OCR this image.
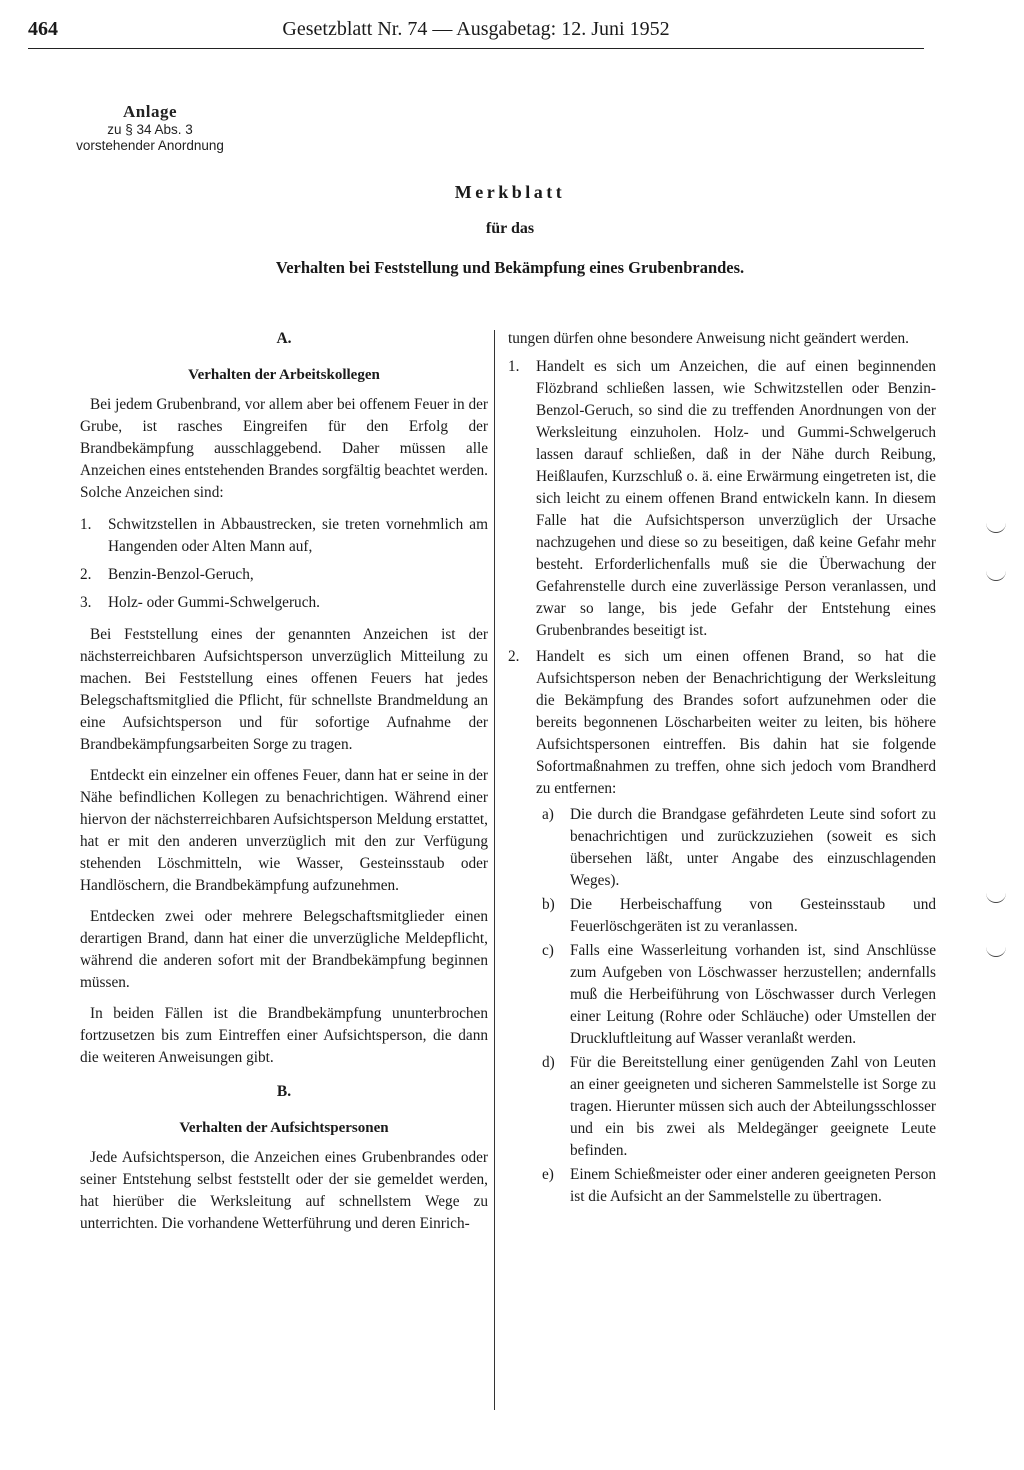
464	Gesetzblatt Nr. 74 — Ausgabetag: 12. Juni 1952
Anlage
zu § 34 Abs. 3
vorstehender Anordnung
Merkblatt
für das
Verhalten bei Feststellung und Bekämpfung eines Grubenbrandes.

A.

Verhalten der Arbeitskollegen

Bei jedem Grubenbrand, vor allem aber bei offenem Feuer in der Grube, ist rasches Eingreifen für den Erfolg der Brandbekämpfung ausschlaggebend. Daher müssen alle Anzeichen eines entstehenden Brandes sorgfältig beachtet werden. Solche Anzeichen sind:

1.	Schwitzstellen in Abbaustrecken, sie treten vornehmlich am Hangenden oder Alten Mann auf,
2.	Benzin-Benzol-Geruch,
3.	Holz- oder Gummi-Schwelgeruch.

Bei Feststellung eines der genannten Anzeichen ist der nächsterreichbaren Aufsichtsperson unverzüglich Mitteilung zu machen. Bei Feststellung eines offenen Feuers hat jedes Belegschaftsmitglied die Pflicht, für schnellste Brandmeldung an eine Aufsichtsperson und für sofortige Aufnahme der Brandbekämpfungsarbeiten Sorge zu tragen.

Entdeckt ein einzelner ein offenes Feuer, dann hat er seine in der Nähe befindlichen Kollegen zu benachrichtigen. Während einer hiervon der nächsterreichbaren Aufsichtsperson Meldung erstattet, hat er mit den anderen unverzüglich mit den zur Verfügung stehenden Löschmitteln, wie Wasser, Gesteinsstaub oder Handlöschern, die Brandbekämpfung aufzunehmen.

Entdecken zwei oder mehrere Belegschaftsmitglieder einen derartigen Brand, dann hat einer die unverzügliche Meldepflicht, während die anderen sofort mit der Brandbekämpfung beginnen müssen.

In beiden Fällen ist die Brandbekämpfung ununterbrochen fortzusetzen bis zum Eintreffen einer Aufsichtsperson, die dann die weiteren Anweisungen gibt.

B.

Verhalten der Aufsichtspersonen

Jede Aufsichtsperson, die Anzeichen eines Grubenbrandes oder seiner Entstehung selbst feststellt oder der sie gemeldet werden, hat hierüber die Werksleitung auf schnellstem Wege zu unterrichten. Die vorhandene Wetterführung und deren Einrich-

tungen dürfen ohne besondere Anweisung nicht geändert werden.

1.	Handelt es sich um Anzeichen, die auf einen beginnenden Flözbrand schließen lassen, wie Schwitzstellen oder Benzin-Benzol-Geruch, so sind die zu treffenden Anordnungen von der Werksleitung einzuholen. Holz- und Gummi-Schwelgeruch lassen darauf schließen, daß in der Nähe durch Reibung, Heißlaufen, Kurzschluß o. ä. eine Erwärmung eingetreten ist, die sich leicht zu einem offenen Brand entwickeln kann. In diesem Falle hat die Aufsichtsperson unverzüglich der Ursache nachzugehen und diese so zu beseitigen, daß keine Gefahr mehr besteht. Erforderlichenfalls muß sie die Überwachung der Gefahrenstelle durch eine zuverlässige Person veranlassen, und zwar so lange, bis jede Gefahr der Entstehung eines Grubenbrandes beseitigt ist.
2.	Handelt es sich um einen offenen Brand, so hat die Aufsichtsperson neben der Benachrichtigung der Werksleitung die Bekämpfung des Brandes sofort aufzunehmen oder die bereits begonnenen Löscharbeiten weiter zu leiten, bis höhere Aufsichtspersonen eintreffen. Bis dahin hat sie folgende Sofortmaßnahmen zu treffen, ohne sich jedoch vom Brandherd zu entfernen:
a)	Die durch die Brandgase gefährdeten Leute sind sofort zu benachrichtigen und zurückzuziehen (soweit es sich übersehen läßt, unter Angabe des einzuschlagenden Weges).
b) Die Herbeischaffung von Gesteinsstaub und Feuerlöschgeräten ist zu veranlassen.
c)	Falls eine Wasserleitung vorhanden ist, sind Anschlüsse zum Aufgeben von Löschwasser herzustellen; andernfalls muß die Herbeiführung von Löschwasser durch Verlegen einer Leitung (Rohre oder Schläuche) oder Umstellen der Druckluftleitung auf Wasser veranlaßt werden.
d) Für die Bereitstellung einer genügenden Zahl von Leuten an einer geeigneten und sicheren Sammelstelle ist Sorge zu tragen. Hierunter müssen sich auch der Abteilungsschlosser und ein bis zwei als Meldegänger geeignete Leute befinden.
e)	Einem Schießmeister oder einer anderen geeigneten Person ist die Aufsicht an der Sammelstelle zu übertragen.
